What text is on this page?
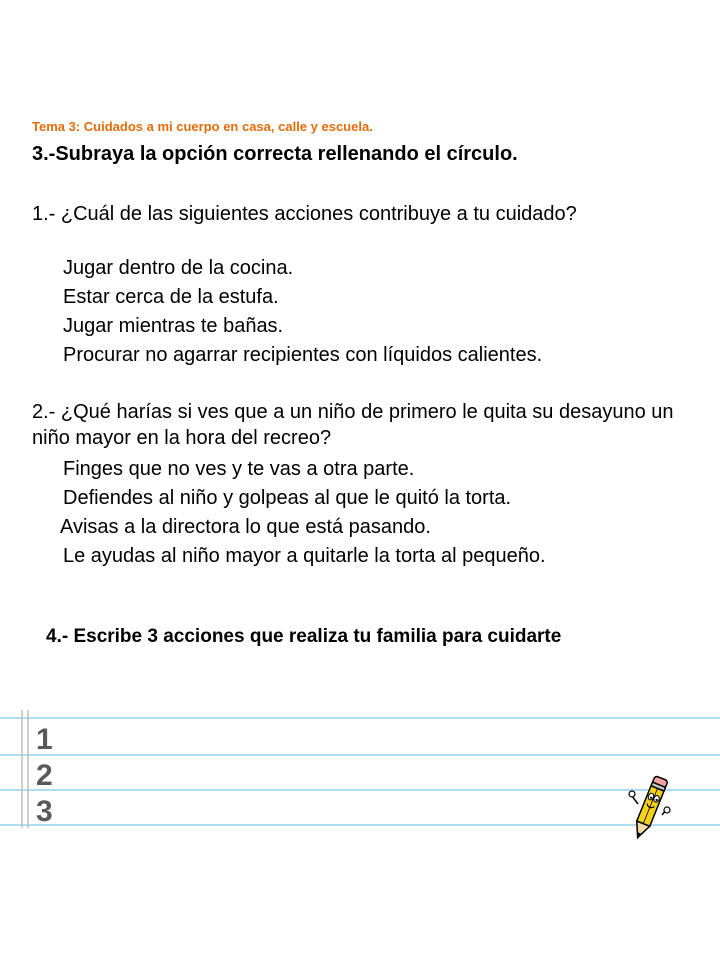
Tema 3: Cuidados a mi cuerpo en casa, calle y escuela.
3.-Subraya la opción correcta rellenando el círculo.
1.- ¿Cuál de las siguientes acciones contribuye a tu cuidado?
Jugar dentro de la cocina.
Estar cerca de la estufa.
Jugar mientras te bañas.
Procurar no agarrar recipientes con líquidos calientes.
2.- ¿Qué harías si ves que a un niño de primero le quita su desayuno un niño mayor en la hora del recreo?
Finges que no ves y te vas a otra parte.
Defiendes al niño y golpeas al que le quitó la torta.
Avisas a la directora lo que está pasando.
Le ayudas al niño mayor a quitarle la torta al pequeño.
4.- Escribe 3 acciones que realiza tu familia para cuidarte
1
2
3
